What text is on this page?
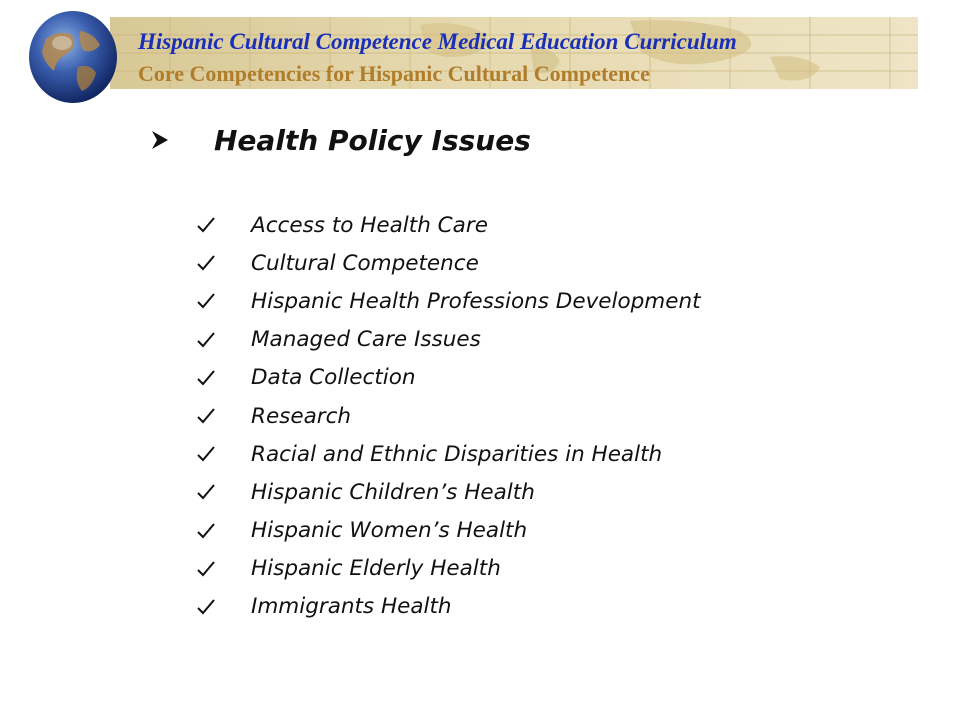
Hispanic Cultural Competence Medical Education Curriculum
Core Competencies for Hispanic Cultural Competence
Health Policy Issues
Access to Health Care
Cultural Competence
Hispanic Health Professions Development
Managed Care Issues
Data Collection
Research
Racial and Ethnic Disparities in Health
Hispanic Children’s Health
Hispanic Women’s Health
Hispanic Elderly Health
Immigrants Health
